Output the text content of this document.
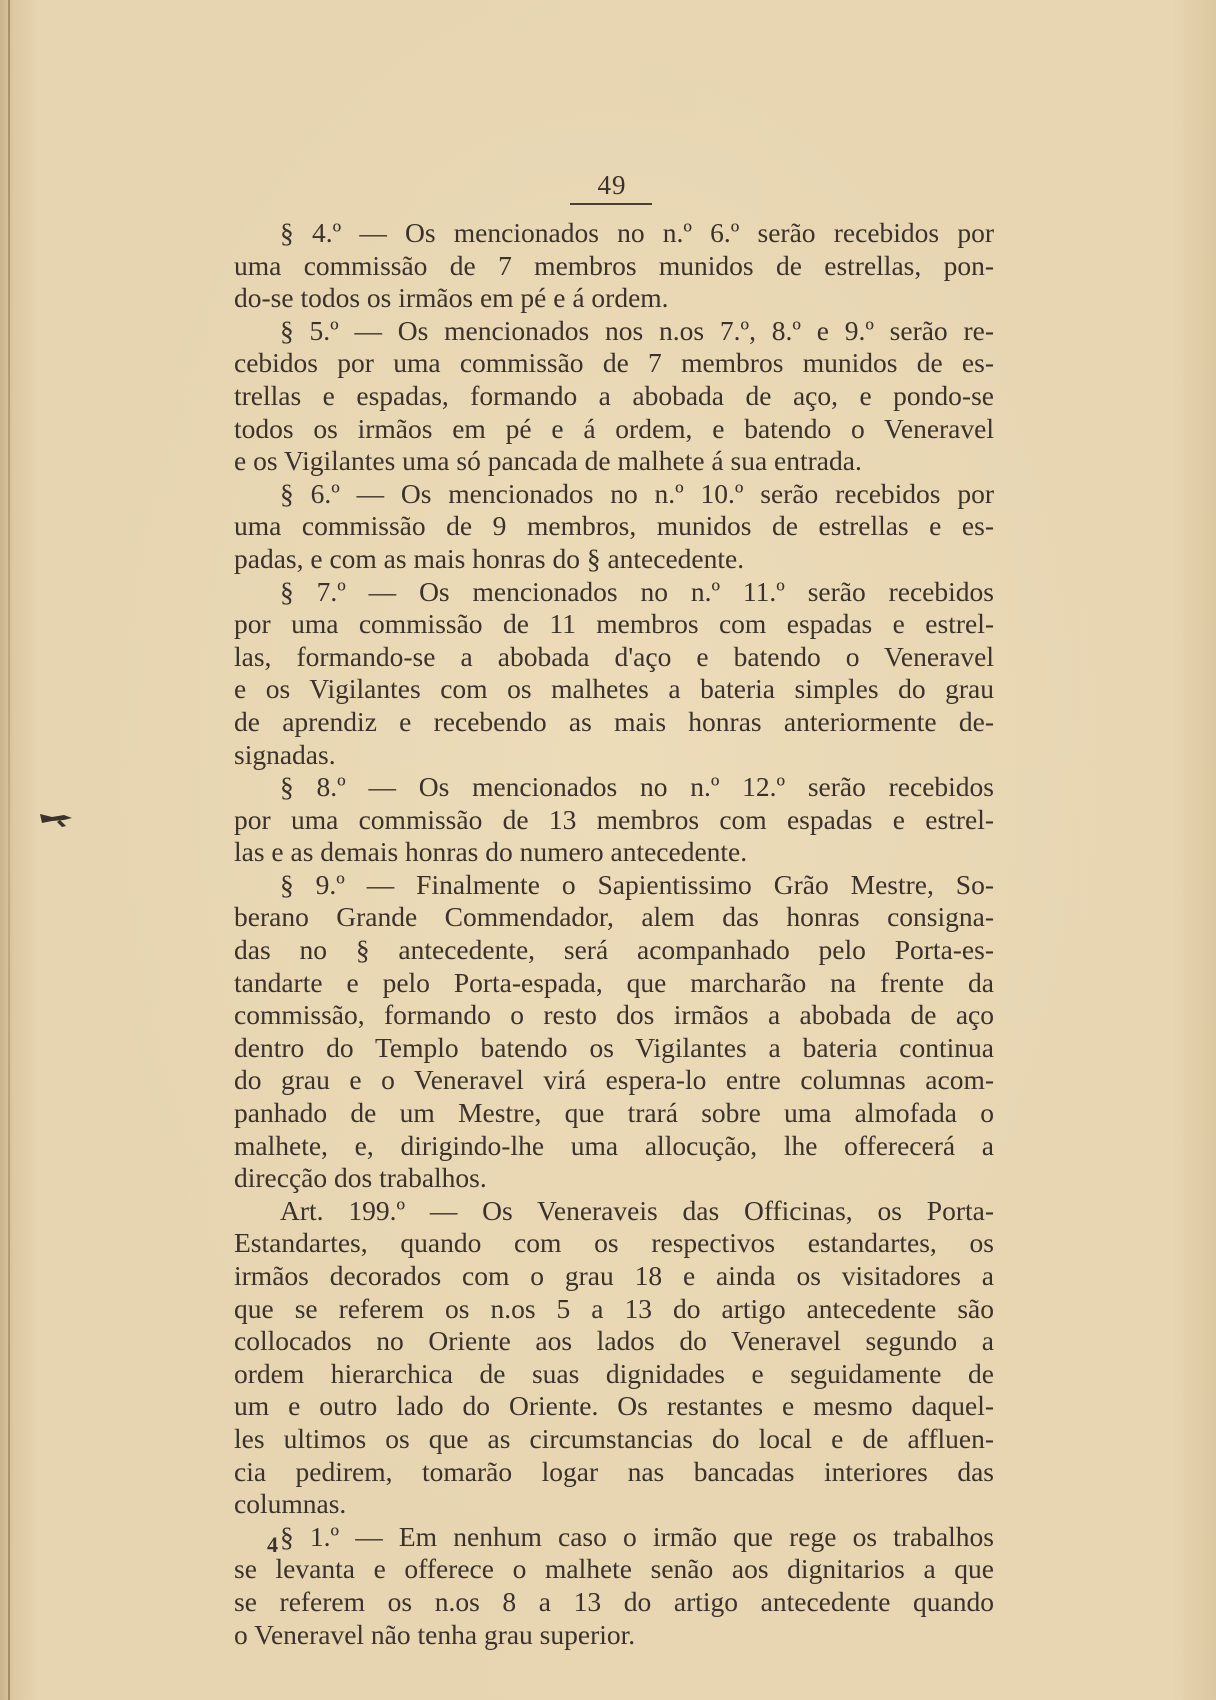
49
§ 4.º — Os mencionados no n.º 6.º serão recebidos por
uma commissão de 7 membros munidos de estrellas, pon-
do-se todos os irmãos em pé e á ordem.
§ 5.º — Os mencionados nos n.os 7.º, 8.º e 9.º serão re-
cebidos por uma commissão de 7 membros munidos de es-
trellas e espadas, formando a abobada de aço, e pondo-se
todos os irmãos em pé e á ordem, e batendo o Veneravel
e os Vigilantes uma só pancada de malhete á sua entrada.
§ 6.º — Os mencionados no n.º 10.º serão recebidos por
uma commissão de 9 membros, munidos de estrellas e es-
padas, e com as mais honras do § antecedente.
§ 7.º — Os mencionados no n.º 11.º serão recebidos
por uma commissão de 11 membros com espadas e estrel-
las, formando-se a abobada d'aço e batendo o Veneravel
e os Vigilantes com os malhetes a bateria simples do grau
de aprendiz e recebendo as mais honras anteriormente de-
signadas.
§ 8.º — Os mencionados no n.º 12.º serão recebidos
por uma commissão de 13 membros com espadas e estrel-
las e as demais honras do numero antecedente.
§ 9.º — Finalmente o Sapientissimo Grão Mestre, So-
berano Grande Commendador, alem das honras consigna-
das no § antecedente, será acompanhado pelo Porta-es-
tandarte e pelo Porta-espada, que marcharão na frente da
commissão, formando o resto dos irmãos a abobada de aço
dentro do Templo batendo os Vigilantes a bateria continua
do grau e o Veneravel virá espera-lo entre columnas acom-
panhado de um Mestre, que trará sobre uma almofada o
malhete, e, dirigindo-lhe uma allocução, lhe offerecerá a
direcção dos trabalhos.
Art. 199.º — Os Veneraveis das Officinas, os Porta-
Estandartes, quando com os respectivos estandartes, os
irmãos decorados com o grau 18 e ainda os visitadores a
que se referem os n.os 5 a 13 do artigo antecedente são
collocados no Oriente aos lados do Veneravel segundo a
ordem hierarchica de suas dignidades e seguidamente de
um e outro lado do Oriente. Os restantes e mesmo daquel-
les ultimos os que as circumstancias do local e de affluen-
cia pedirem, tomarão logar nas bancadas interiores das
columnas.
§ 1.º — Em nenhum caso o irmão que rege os trabalhos
se levanta e offerece o malhete senão aos dignitarios a que
se referem os n.os 8 a 13 do artigo antecedente quando
o Veneravel não tenha grau superior.
4
